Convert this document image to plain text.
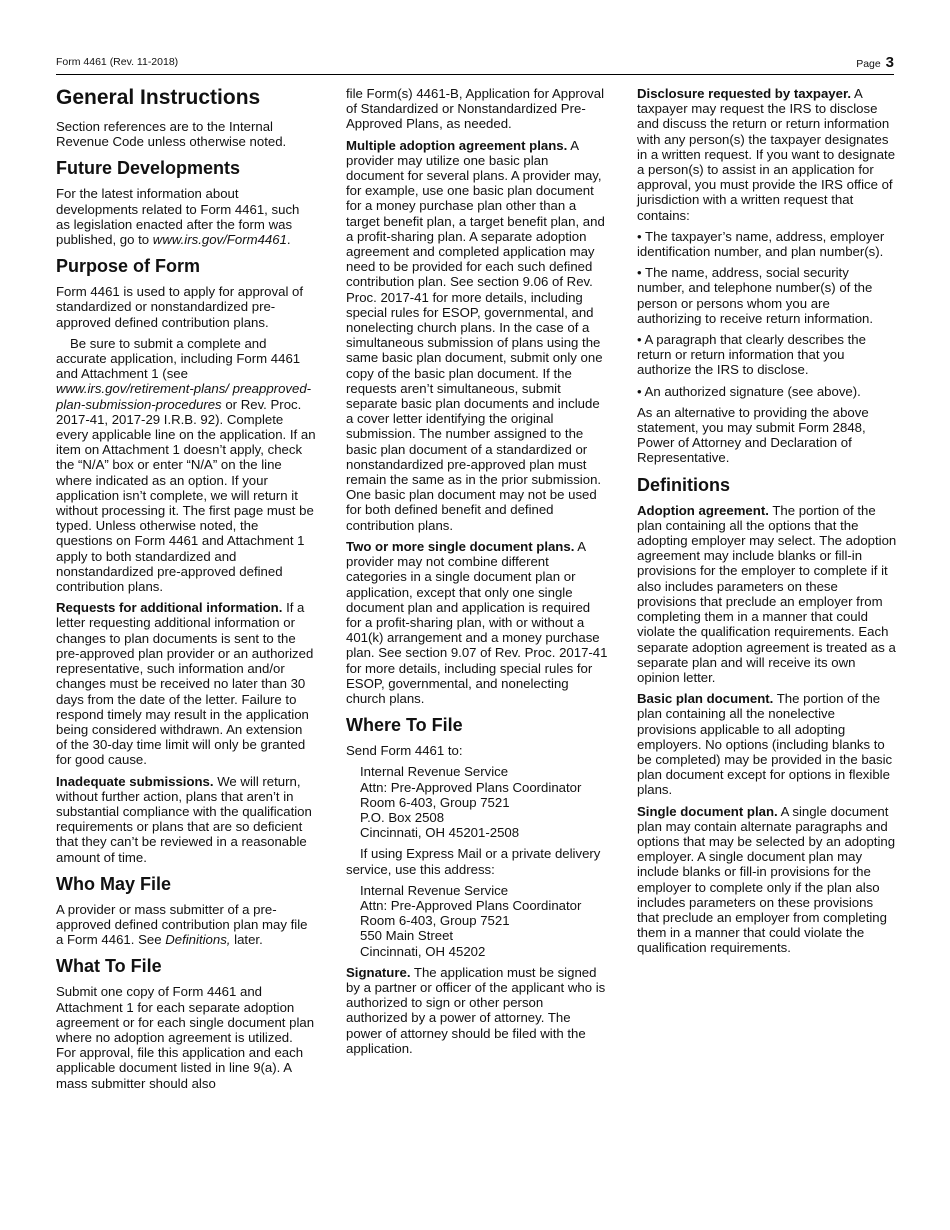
Form 4461 (Rev. 11-2018)	Page 3
General Instructions

Section references are to the Internal Revenue Code unless otherwise noted.

Future Developments

For the latest information about developments related to Form 4461, such as legislation enacted after the form was published, go to www.irs.gov/Form4461.

Purpose of Form

Form 4461 is used to apply for approval of standardized or nonstandardized pre-approved defined contribution plans.

Be sure to submit a complete and accurate application, including Form 4461 and Attachment 1 (see www.irs.gov/retirement-plans/ preapproved-plan-submission-procedures or Rev. Proc. 2017-41, 2017-29 I.R.B. 92). Complete every applicable line on the application. If an item on Attachment 1 doesn’t apply, check the “N/A” box or enter “N/A” on the line where indicated as an option. If your application isn’t complete, we will return it without processing it. The first page must be typed. Unless otherwise noted, the questions on Form 4461 and Attachment 1 apply to both standardized and nonstandardized pre-approved defined contribution plans.

Requests for additional information. If a letter requesting additional information or changes to plan documents is sent to the pre-approved plan provider or an authorized representative, such information and/or changes must be received no later than 30 days from the date of the letter. Failure to respond timely may result in the application being considered withdrawn. An extension of the 30-day time limit will only be granted for good cause.

Inadequate submissions. We will return, without further action, plans that aren’t in substantial compliance with the qualification requirements or plans that are so deficient that they can’t be reviewed in a reasonable amount of time.

Who May File

A provider or mass submitter of a pre-approved defined contribution plan may file a Form 4461. See Definitions, later.

What To File

Submit one copy of Form 4461 and Attachment 1 for each separate adoption agreement or for each single document plan where no adoption agreement is utilized. For approval, file this application and each applicable document listed in line 9(a). A mass submitter should also

file Form(s) 4461-B, Application for Approval of Standardized or Nonstandardized Pre-Approved Plans, as needed.

Multiple adoption agreement plans. A provider may utilize one basic plan document for several plans. A provider may, for example, use one basic plan document for a money purchase plan other than a target benefit plan, a target benefit plan, and a profit-sharing plan. A separate adoption agreement and completed application may need to be provided for each such defined contribution plan. See section 9.06 of Rev. Proc. 2017-41 for more details, including special rules for ESOP, governmental, and nonelecting church plans. In the case of a simultaneous submission of plans using the same basic plan document, submit only one copy of the basic plan document. If the requests aren’t simultaneous, submit separate basic plan documents and include a cover letter identifying the original submission. The number assigned to the basic plan document of a standardized or nonstandardized pre-approved plan must remain the same as in the prior submission. One basic plan document may not be used for both defined benefit and defined contribution plans.

Two or more single document plans. A provider may not combine different categories in a single document plan or application, except that only one single document plan and application is required for a profit-sharing plan, with or without a 401(k) arrangement and a money purchase plan. See section 9.07 of Rev. Proc. 2017-41 for more details, including special rules for ESOP, governmental, and nonelecting church plans.

Where To File

Send Form 4461 to:

Internal Revenue Service
Attn: Pre-Approved Plans Coordinator
Room 6-403, Group 7521
P.O. Box 2508
Cincinnati, OH 45201-2508

If using Express Mail or a private delivery service, use this address:

Internal Revenue Service
Attn: Pre-Approved Plans Coordinator
Room 6-403, Group 7521
550 Main Street
Cincinnati, OH 45202

Signature. The application must be signed by a partner or officer of the applicant who is authorized to sign or other person authorized by a power of attorney. The power of attorney should be filed with the application.

Disclosure requested by taxpayer. A taxpayer may request the IRS to disclose and discuss the return or return information with any person(s) the taxpayer designates in a written request. If you want to designate a person(s) to assist in an application for approval, you must provide the IRS office of jurisdiction with a written request that contains:

• The taxpayer’s name, address, employer identification number, and plan number(s).

• The name, address, social security number, and telephone number(s) of the person or persons whom you are authorizing to receive return information.

• A paragraph that clearly describes the return or return information that you authorize the IRS to disclose.

• An authorized signature (see above).

As an alternative to providing the above statement, you may submit Form 2848, Power of Attorney and Declaration of Representative.

Definitions

Adoption agreement. The portion of the plan containing all the options that the adopting employer may select. The adoption agreement may include blanks or fill-in provisions for the employer to complete if it also includes parameters on these provisions that preclude an employer from completing them in a manner that could violate the qualification requirements. Each separate adoption agreement is treated as a separate plan and will receive its own opinion letter.

Basic plan document. The portion of the plan containing all the nonelective provisions applicable to all adopting employers. No options (including blanks to be completed) may be provided in the basic plan document except for options in flexible plans.

Single document plan. A single document plan may contain alternate paragraphs and options that may be selected by an adopting employer. A single document plan may include blanks or fill-in provisions for the employer to complete only if the plan also includes parameters on these provisions that preclude an employer from completing them in a manner that could violate the qualification requirements.
